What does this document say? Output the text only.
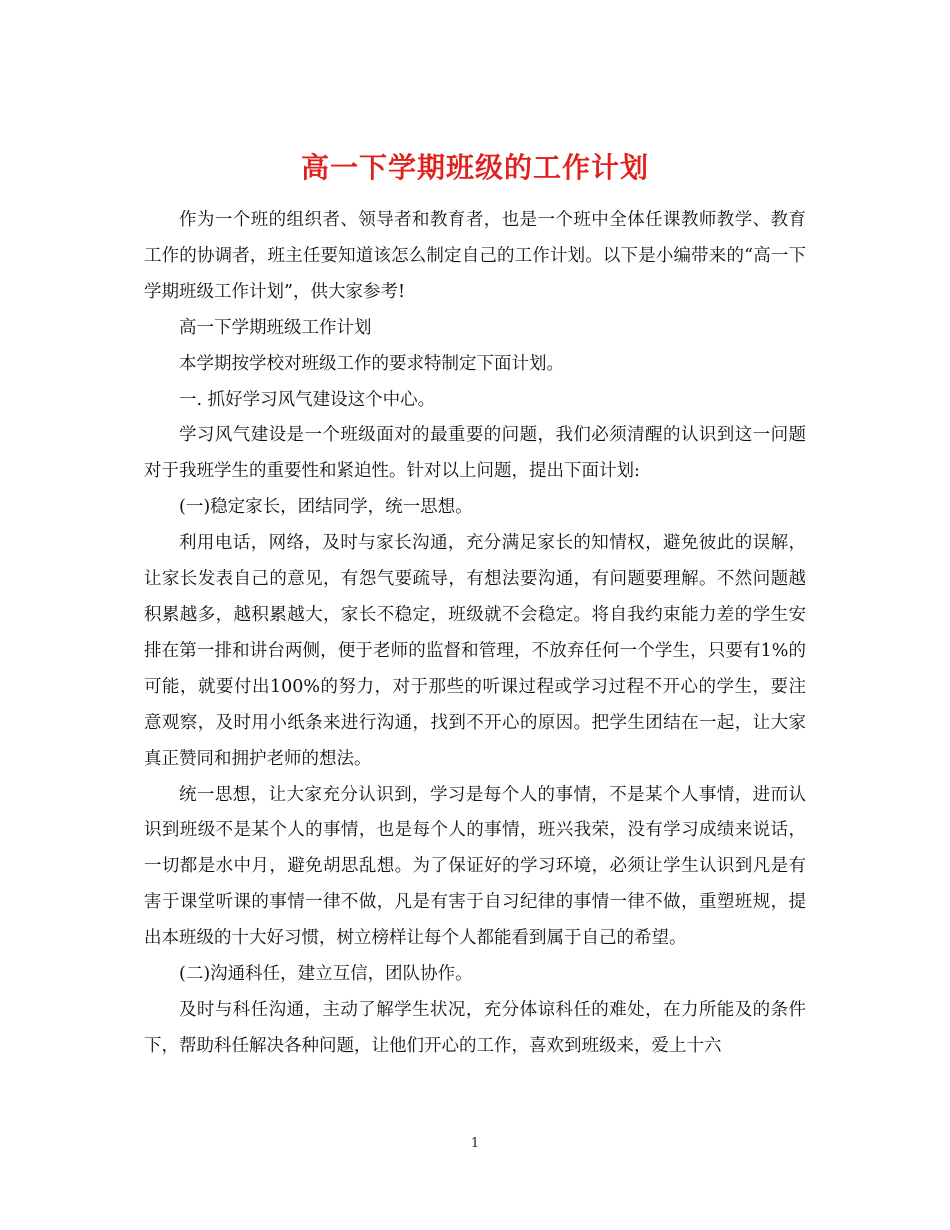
高一下学期班级的工作计划

作为一个班的组织者、领导者和教育者，也是一个班中全体任课教师教学、教育工作的协调者，班主任要知道该怎么制定自己的工作计划。以下是小编带来的“高一下学期班级工作计划”，供大家参考!

高一下学期班级工作计划

本学期按学校对班级工作的要求特制定下面计划。

一. 抓好学习风气建设这个中心。

学习风气建设是一个班级面对的最重要的问题，我们必须清醒的认识到这一问题对于我班学生的重要性和紧迫性。针对以上问题，提出下面计划:

(一)稳定家长，团结同学，统一思想。

利用电话，网络，及时与家长沟通，充分满足家长的知情权，避免彼此的误解，让家长发表自己的意见，有怨气要疏导，有想法要沟通，有问题要理解。不然问题越积累越多，越积累越大，家长不稳定，班级就不会稳定。将自我约束能力差的学生安排在第一排和讲台两侧，便于老师的监督和管理，不放弃任何一个学生，只要有1%的可能，就要付出100%的努力，对于那些的听课过程或学习过程不开心的学生，要注意观察，及时用小纸条来进行沟通，找到不开心的原因。把学生团结在一起，让大家真正赞同和拥护老师的想法。

统一思想，让大家充分认识到，学习是每个人的事情，不是某个人事情，进而认识到班级不是某个人的事情，也是每个人的事情，班兴我荣，没有学习成绩来说话，一切都是水中月，避免胡思乱想。为了保证好的学习环境，必须让学生认识到凡是有害于课堂听课的事情一律不做，凡是有害于自习纪律的事情一律不做，重塑班规，提出本班级的十大好习惯，树立榜样让每个人都能看到属于自己的希望。

(二)沟通科任，建立互信，团队协作。

及时与科任沟通，主动了解学生状况，充分体谅科任的难处，在力所能及的条件下，帮助科任解决各种问题，让他们开心的工作，喜欢到班级来，爱上十六

1
